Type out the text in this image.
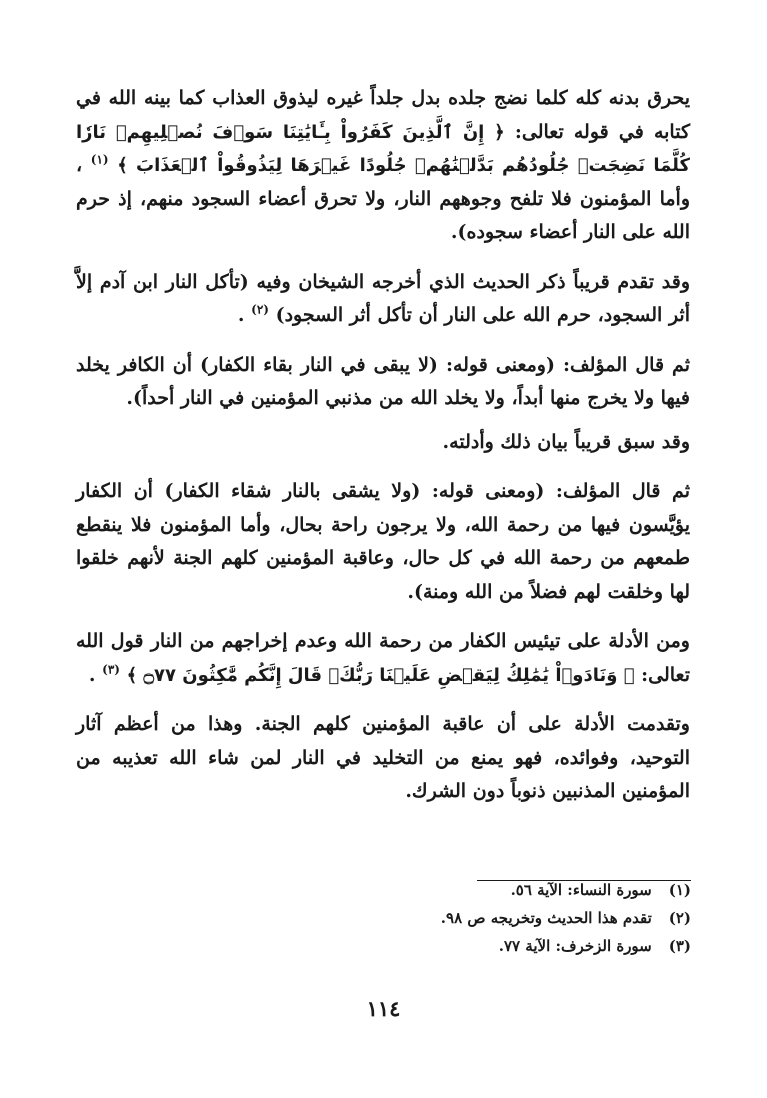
يحرق بدنه كله كلما نضج جلده بدل جلداً غيره ليذوق العذاب كما بينه الله في كتابه في قوله تعالى: ﴿ إِنَّ ٱلَّذِينَ كَفَرُواْ بِـَٔايَٰتِنَا سَوۡفَ نُصۡلِيهِمۡ نَارٗا كُلَّمَا نَضِجَتۡ جُلُودُهُم بَدَّلۡنَٰهُمۡ جُلُودًا غَيۡرَهَا لِيَذُوقُواْ ٱلۡعَذَابَ ﴾ $^{(١)}$ ، وأما المؤمنون فلا تلفح وجوههم النار، ولا تحرق أعضاء السجود منهم، إذ حرم الله على النار أعضاء سجوده).

وقد تقدم قريباً ذكر الحديث الذي أخرجه الشيخان وفيه (تأكل النار ابن آدم إلاَّ أثر السجود، حرم الله على النار أن تأكل أثر السجود) $^{(٢)}$ .

ثم قال المؤلف: (ومعنى قوله: (لا يبقى في النار بقاء الكفار) أن الكافر يخلد فيها ولا يخرج منها أبداً، ولا يخلد الله من مذنبي المؤمنين في النار أحداً).

وقد سبق قريباً بيان ذلك وأدلته.

ثم قال المؤلف: (ومعنى قوله: (ولا يشقى بالنار شقاء الكفار) أن الكفار يؤيَّسون فيها من رحمة الله، ولا يرجون راحة بحال، وأما المؤمنون فلا ينقطع طمعهم من رحمة الله في كل حال، وعاقبة المؤمنين كلهم الجنة لأنهم خلقوا لها وخلقت لهم فضلاً من الله ومنة).

ومن الأدلة على تيئيس الكفار من رحمة الله وعدم إخراجهم من النار قول الله تعالى: ﴿ وَنَادَوۡاْ يَٰمَٰلِكُ لِيَقۡضِ عَلَيۡنَا رَبُّكَۖ قَالَ إِنَّكُم مَّٰكِثُونَ ۝٧٧ ﴾ $^{(٣)}$ .

وتقدمت الأدلة على أن عاقبة المؤمنين كلهم الجنة. وهذا من أعظم آثار التوحيد، وفوائده، فهو يمنع من التخليد في النار لمن شاء الله تعذيبه من المؤمنين المذنبين ذنوباً دون الشرك.

(١) سورة النساء: الآية ٥٦.
(٢) تقدم هذا الحديث وتخريجه ص ٩٨.
(٣) سورة الزخرف: الآية ٧٧.
١١٤
